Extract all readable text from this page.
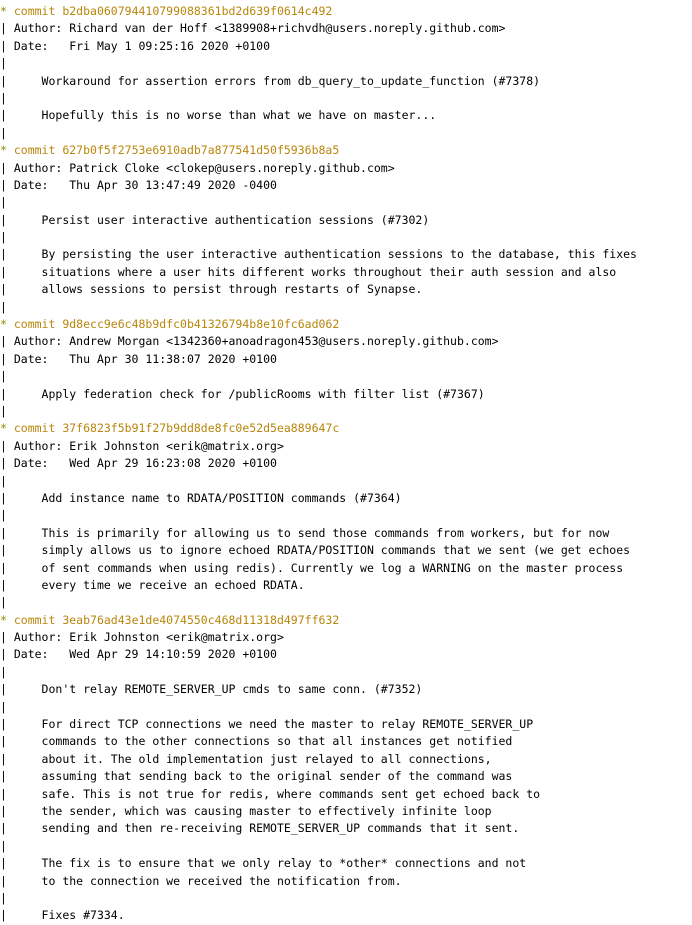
* commit b2dba060794410799088361bd2d639f0614c492
| Author: Richard van der Hoff <1389908+richvdh@users.noreply.github.com>
| Date:   Fri May 1 09:25:16 2020 +0100
|
|     Workaround for assertion errors from db_query_to_update_function (#7378)
|
|     Hopefully this is no worse than what we have on master...
|
* commit 627b0f5f2753e6910adb7a877541d50f5936b8a5
| Author: Patrick Cloke <clokep@users.noreply.github.com>
| Date:   Thu Apr 30 13:47:49 2020 -0400
|
|     Persist user interactive authentication sessions (#7302)
|
|     By persisting the user interactive authentication sessions to the database, this fixes
|     situations where a user hits different works throughout their auth session and also
|     allows sessions to persist through restarts of Synapse.
|
* commit 9d8ecc9e6c48b9dfc0b41326794b8e10fc6ad062
| Author: Andrew Morgan <1342360+anoadragon453@users.noreply.github.com>
| Date:   Thu Apr 30 11:38:07 2020 +0100
|
|     Apply federation check for /publicRooms with filter list (#7367)
|
* commit 37f6823f5b91f27b9dd8de8fc0e52d5ea889647c
| Author: Erik Johnston <erik@matrix.org>
| Date:   Wed Apr 29 16:23:08 2020 +0100
|
|     Add instance name to RDATA/POSITION commands (#7364)
|
|     This is primarily for allowing us to send those commands from workers, but for now
|     simply allows us to ignore echoed RDATA/POSITION commands that we sent (we get echoes
|     of sent commands when using redis). Currently we log a WARNING on the master process
|     every time we receive an echoed RDATA.
|
* commit 3eab76ad43e1de4074550c468d11318d497ff632
| Author: Erik Johnston <erik@matrix.org>
| Date:   Wed Apr 29 14:10:59 2020 +0100
|
|     Don't relay REMOTE_SERVER_UP cmds to same conn. (#7352)
|
|     For direct TCP connections we need the master to relay REMOTE_SERVER_UP
|     commands to the other connections so that all instances get notified
|     about it. The old implementation just relayed to all connections,
|     assuming that sending back to the original sender of the command was
|     safe. This is not true for redis, where commands sent get echoed back to
|     the sender, which was causing master to effectively infinite loop
|     sending and then re-receiving REMOTE_SERVER_UP commands that it sent.
|
|     The fix is to ensure that we only relay to *other* connections and not
|     to the connection we received the notification from.
|
|     Fixes #7334.
